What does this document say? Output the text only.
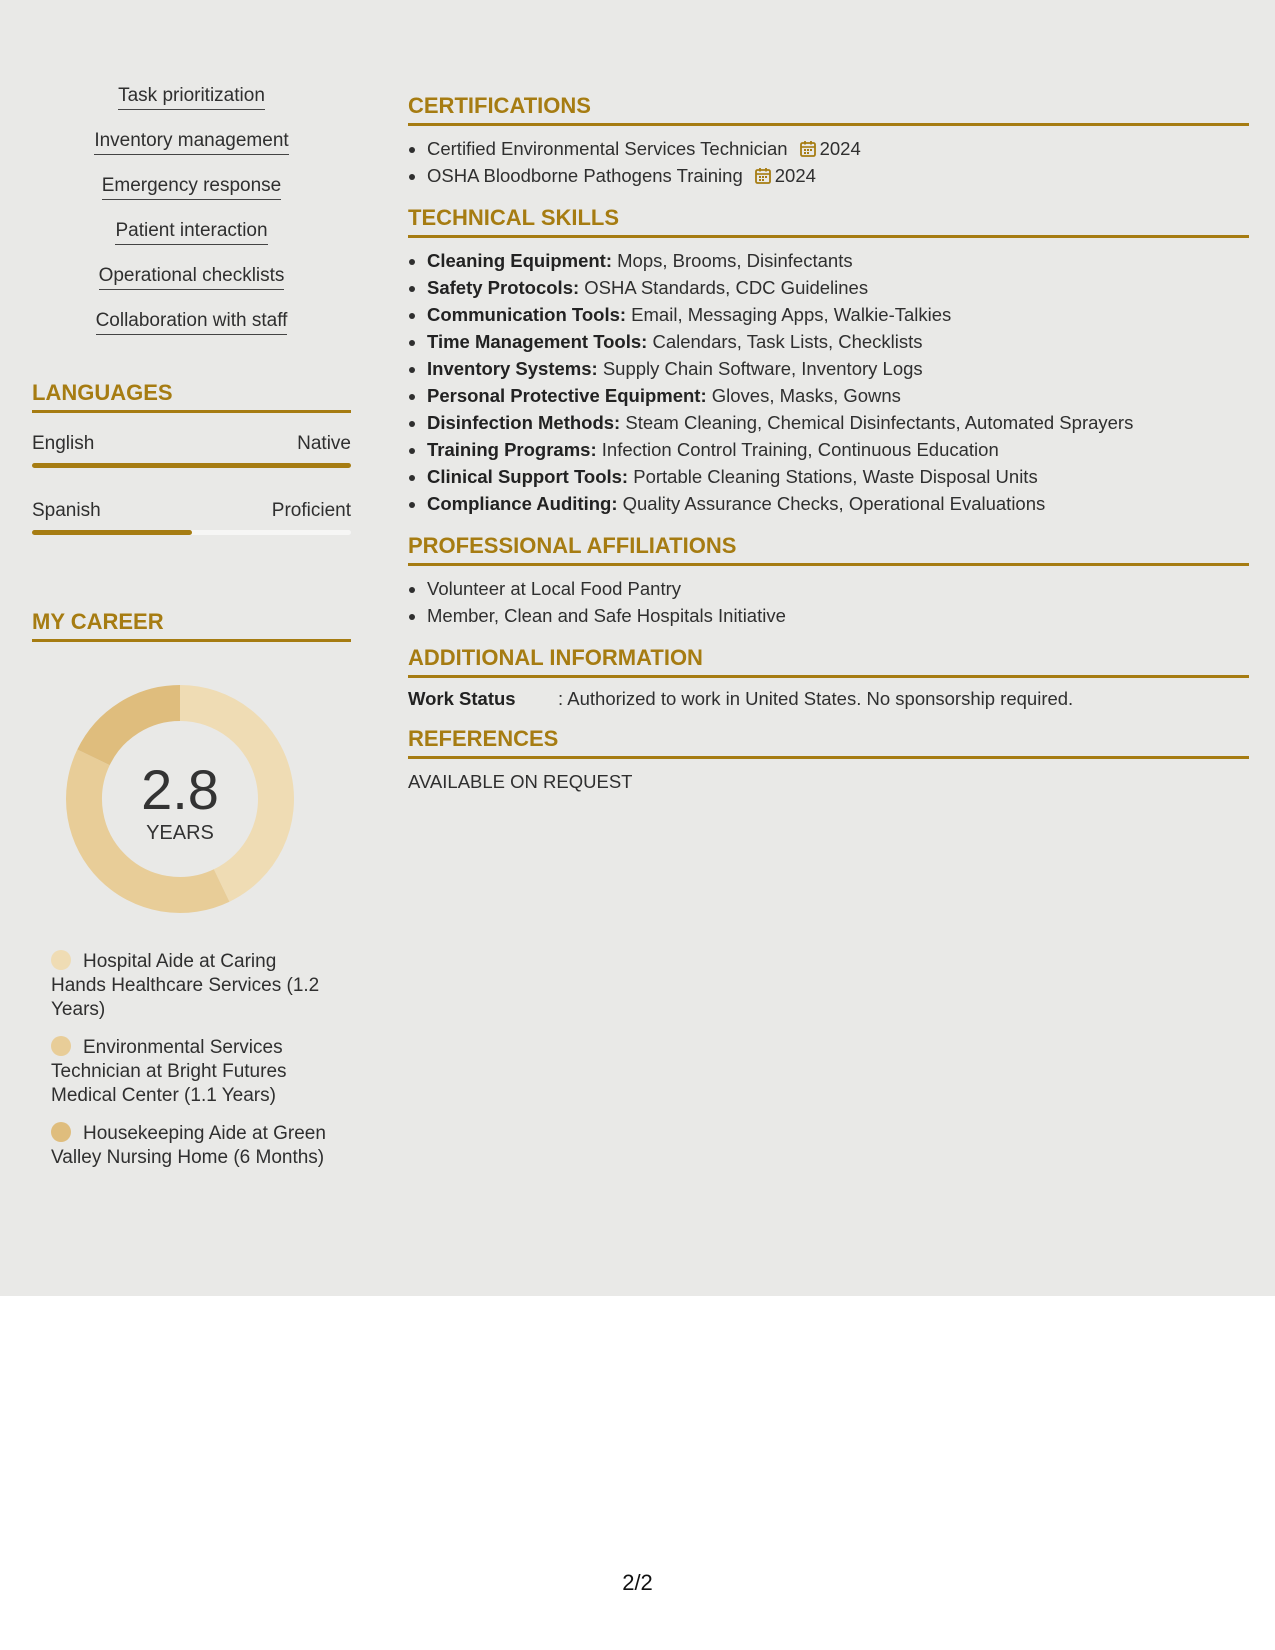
Task prioritization
Inventory management
Emergency response
Patient interaction
Operational checklists
Collaboration with staff
LANGUAGES
English	Native
Spanish	Proficient
MY CAREER
2.8
YEARS
Hospital Aide at Caring Hands Healthcare Services (1.2 Years)
Environmental Services Technician at Bright Futures Medical Center (1.1 Years)
Housekeeping Aide at Green Valley Nursing Home (6 Months)
CERTIFICATIONS
• Certified Environmental Services Technician 2024
• OSHA Bloodborne Pathogens Training 2024
TECHNICAL SKILLS
• Cleaning Equipment: Mops, Brooms, Disinfectants
• Safety Protocols: OSHA Standards, CDC Guidelines
• Communication Tools: Email, Messaging Apps, Walkie-Talkies
• Time Management Tools: Calendars, Task Lists, Checklists
• Inventory Systems: Supply Chain Software, Inventory Logs
• Personal Protective Equipment: Gloves, Masks, Gowns
• Disinfection Methods: Steam Cleaning, Chemical Disinfectants, Automated Sprayers
• Training Programs: Infection Control Training, Continuous Education
• Clinical Support Tools: Portable Cleaning Stations, Waste Disposal Units
• Compliance Auditing: Quality Assurance Checks, Operational Evaluations
PROFESSIONAL AFFILIATIONS
• Volunteer at Local Food Pantry
• Member, Clean and Safe Hospitals Initiative
ADDITIONAL INFORMATION
Work Status : Authorized to work in United States. No sponsorship required.
REFERENCES
AVAILABLE ON REQUEST
2/2
